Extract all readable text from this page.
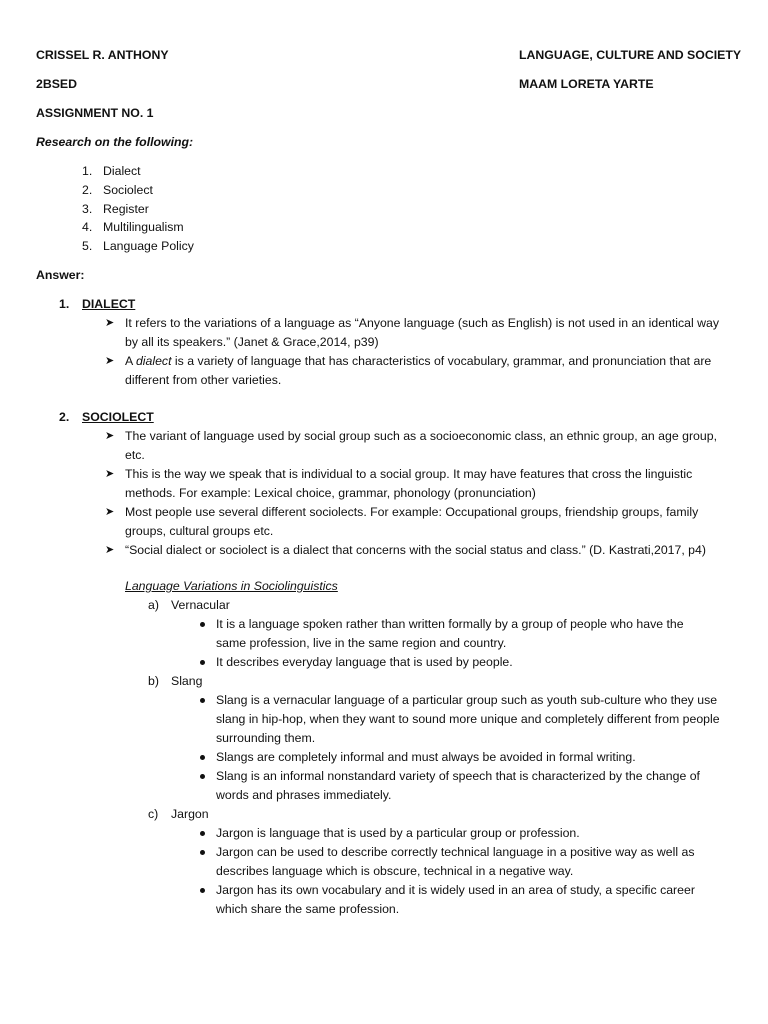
CRISSEL R. ANTHONY	LANGUAGE, CULTURE AND SOCIETY
2BSED	MAAM LORETA YARTE
ASSIGNMENT NO. 1
Research on the following:
1. Dialect
2. Sociolect
3. Register
4. Multilingualism
5. Language Policy
Answer:
1. DIALECT
➤ It refers to the variations of a language as “Anyone language (such as English) is not used in an identical way by all its speakers.” (Janet & Grace,2014, p39)
➤ A dialect is a variety of language that has characteristics of vocabulary, grammar, and pronunciation that are different from other varieties.
2. SOCIOLECT
➤ The variant of language used by social group such as a socioeconomic class, an ethnic group, an age group, etc.
➤ This is the way we speak that is individual to a social group. It may have features that cross the linguistic methods. For example: Lexical choice, grammar, phonology (pronunciation)
➤ Most people use several different sociolects. For example: Occupational groups, friendship groups, family groups, cultural groups etc.
➤ “Social dialect or sociolect is a dialect that concerns with the social status and class.” (D. Kastrati,2017, p4)
Language Variations in Sociolinguistics
a) Vernacular
It is a language spoken rather than written formally by a group of people who have the same profession, live in the same region and country.
It describes everyday language that is used by people.
b) Slang
Slang is a vernacular language of a particular group such as youth sub-culture who they use slang in hip-hop, when they want to sound more unique and completely different from people surrounding them.
Slangs are completely informal and must always be avoided in formal writing.
Slang is an informal nonstandard variety of speech that is characterized by the change of words and phrases immediately.
c) Jargon
Jargon is language that is used by a particular group or profession.
Jargon can be used to describe correctly technical language in a positive way as well as describes language which is obscure, technical in a negative way.
Jargon has its own vocabulary and it is widely used in an area of study, a specific career which share the same profession.
